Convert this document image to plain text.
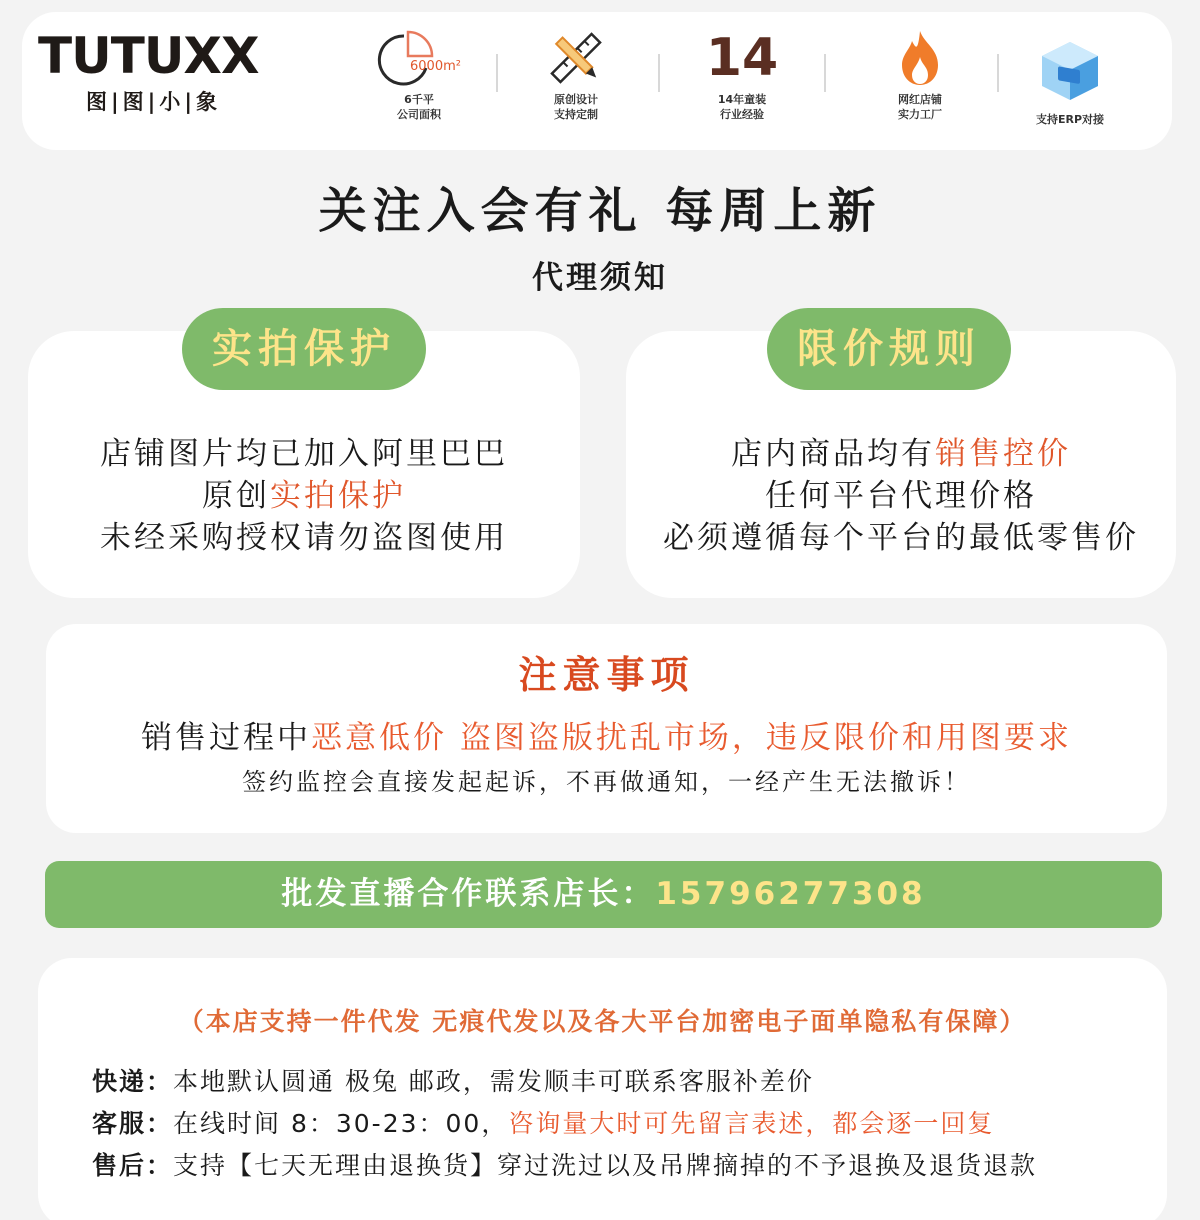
TUTUXX
图|图|小|象
6000m²
6千平
公司面积
原创设计
支持定制
14
14年童装
行业经验
网红店铺
实力工厂	支持ERP对接
关注入会有礼 每周上新
代理须知
店铺图片均已加入阿里巴巴
原创实拍保护
未经采购授权请勿盗图使用
实拍保护
店内商品均有销售控价
任何平台代理价格
必须遵循每个平台的最低零售价
限价规则
注意事项
销售过程中恶意低价 盗图盗版扰乱市场，违反限价和用图要求
签约监控会直接发起起诉，不再做通知，一经产生无法撤诉！
批发直播合作联系店长：15796277308
（本店支持一件代发 无痕代发以及各大平台加密电子面单隐私有保障）
快递：本地默认圆通 极兔 邮政，需发顺丰可联系客服补差价
客服：在线时间 8：30-23：00，咨询量大时可先留言表述，都会逐一回复
售后：支持【七天无理由退换货】穿过洗过以及吊牌摘掉的不予退换及退货退款
